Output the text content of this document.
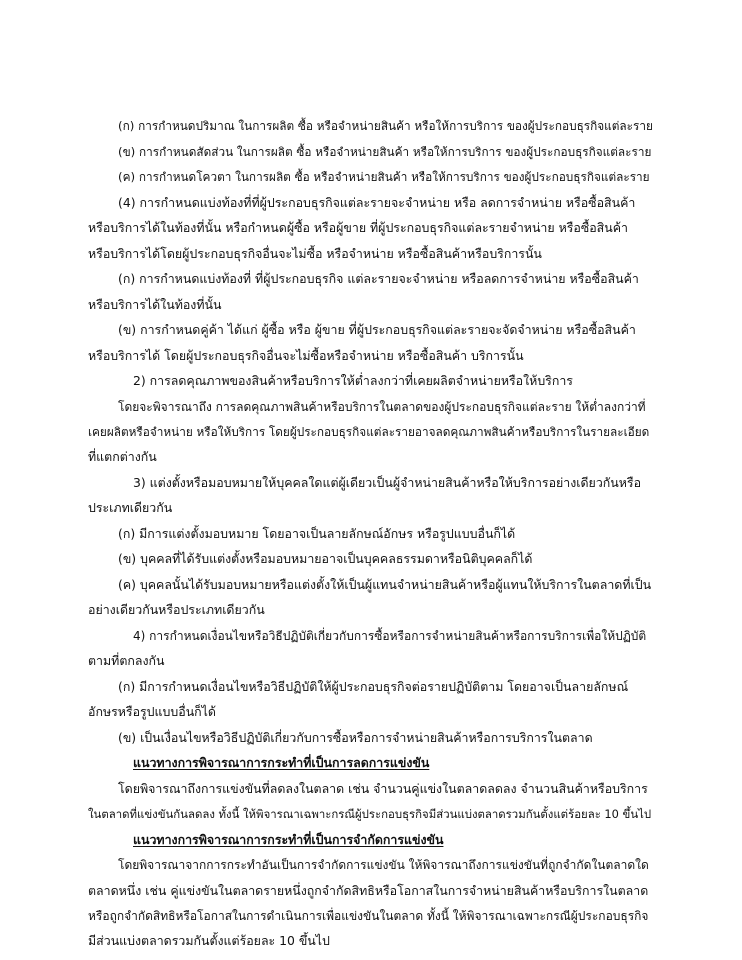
(ก) การกำหนดปริมาณ ในการผลิต ซื้อ หรือจำหน่ายสินค้า หรือให้การบริการ ของผู้ประกอบธุรกิจแต่ละราย
(ข) การกำหนดสัดส่วน ในการผลิต ซื้อ หรือจำหน่ายสินค้า หรือให้การบริการ ของผู้ประกอบธุรกิจแต่ละราย
(ค) การกำหนดโควตา ในการผลิต ซื้อ หรือจำหน่ายสินค้า หรือให้การบริการ ของผู้ประกอบธุรกิจแต่ละราย
(4) การกำหนดแบ่งท้องที่ที่ผู้ประกอบธุรกิจแต่ละรายจะจำหน่าย หรือ ลดการจำหน่าย หรือซื้อสินค้า
หรือบริการได้ในท้องที่นั้น หรือกำหนดผู้ซื้อ หรือผู้ขาย ที่ผู้ประกอบธุรกิจแต่ละรายจำหน่าย หรือซื้อสินค้า
หรือบริการได้โดยผู้ประกอบธุรกิจอื่นจะไม่ซื้อ หรือจำหน่าย หรือซื้อสินค้าหรือบริการนั้น
(ก) การกำหนดแบ่งท้องที่ ที่ผู้ประกอบธุรกิจ แต่ละรายจะจำหน่าย หรือลดการจำหน่าย หรือซื้อสินค้า
หรือบริการได้ในท้องที่นั้น
(ข) การกำหนดคู่ค้า ได้แก่ ผู้ซื้อ หรือ ผู้ขาย ที่ผู้ประกอบธุรกิจแต่ละรายจะจัดจำหน่าย หรือซื้อสินค้า
หรือบริการได้ โดยผู้ประกอบธุรกิจอื่นจะไม่ซื้อหรือจำหน่าย หรือซื้อสินค้า บริการนั้น
2) การลดคุณภาพของสินค้าหรือบริการให้ต่ำลงกว่าที่เคยผลิตจำหน่ายหรือให้บริการ
โดยจะพิจารณาถึง การลดคุณภาพสินค้าหรือบริการในตลาดของผู้ประกอบธุรกิจแต่ละราย ให้ต่ำลงกว่าที่
เคยผลิตหรือจำหน่าย หรือให้บริการ โดยผู้ประกอบธุรกิจแต่ละรายอาจลดคุณภาพสินค้าหรือบริการในรายละเอียด
ที่แตกต่างกัน
3) แต่งตั้งหรือมอบหมายให้บุคคลใดแต่ผู้เดียวเป็นผู้จำหน่ายสินค้าหรือให้บริการอย่างเดียวกันหรือ
ประเภทเดียวกัน
(ก) มีการแต่งตั้งมอบหมาย โดยอาจเป็นลายลักษณ์อักษร หรือรูปแบบอื่นก็ได้
(ข) บุคคลที่ได้รับแต่งตั้งหรือมอบหมายอาจเป็นบุคคลธรรมดาหรือนิติบุคคลก็ได้
(ค) บุคคลนั้นได้รับมอบหมายหรือแต่งตั้งให้เป็นผู้แทนจำหน่ายสินค้าหรือผู้แทนให้บริการในตลาดที่เป็น
อย่างเดียวกันหรือประเภทเดียวกัน
4) การกำหนดเงื่อนไขหรือวิธีปฏิบัติเกี่ยวกับการซื้อหรือการจำหน่ายสินค้าหรือการบริการเพื่อให้ปฏิบัติ
ตามที่ตกลงกัน
(ก) มีการกำหนดเงื่อนไขหรือวิธีปฏิบัติให้ผู้ประกอบธุรกิจต่อรายปฏิบัติตาม โดยอาจเป็นลายลักษณ์
อักษรหรือรูปแบบอื่นก็ได้
(ข) เป็นเงื่อนไขหรือวิธีปฏิบัติเกี่ยวกับการซื้อหรือการจำหน่ายสินค้าหรือการบริการในตลาด
แนวทางการพิจารณาการกระทำที่เป็นการลดการแข่งขัน
โดยพิจารณาถึงการแข่งขันที่ลดลงในตลาด เช่น จำนวนคู่แข่งในตลาดลดลง จำนวนสินค้าหรือบริการ
ในตลาดที่แข่งขันกันลดลง ทั้งนี้ ให้พิจารณาเฉพาะกรณีผู้ประกอบธุรกิจมีส่วนแบ่งตลาดรวมกันตั้งแต่ร้อยละ 10 ขึ้นไป
แนวทางการพิจารณาการกระทำที่เป็นการจำกัดการแข่งขัน
โดยพิจารณาจากการกระทำอันเป็นการจำกัดการแข่งขัน ให้พิจารณาถึงการแข่งขันที่ถูกจำกัดในตลาดใด
ตลาดหนึ่ง เช่น คู่แข่งขันในตลาดรายหนึ่งถูกจำกัดสิทธิหรือโอกาสในการจำหน่ายสินค้าหรือบริการในตลาด
หรือถูกจำกัดสิทธิหรือโอกาสในการดำเนินการเพื่อแข่งขันในตลาด ทั้งนี้ ให้พิจารณาเฉพาะกรณีผู้ประกอบธุรกิจ
มีส่วนแบ่งตลาดรวมกันตั้งแต่ร้อยละ 10 ขึ้นไป
